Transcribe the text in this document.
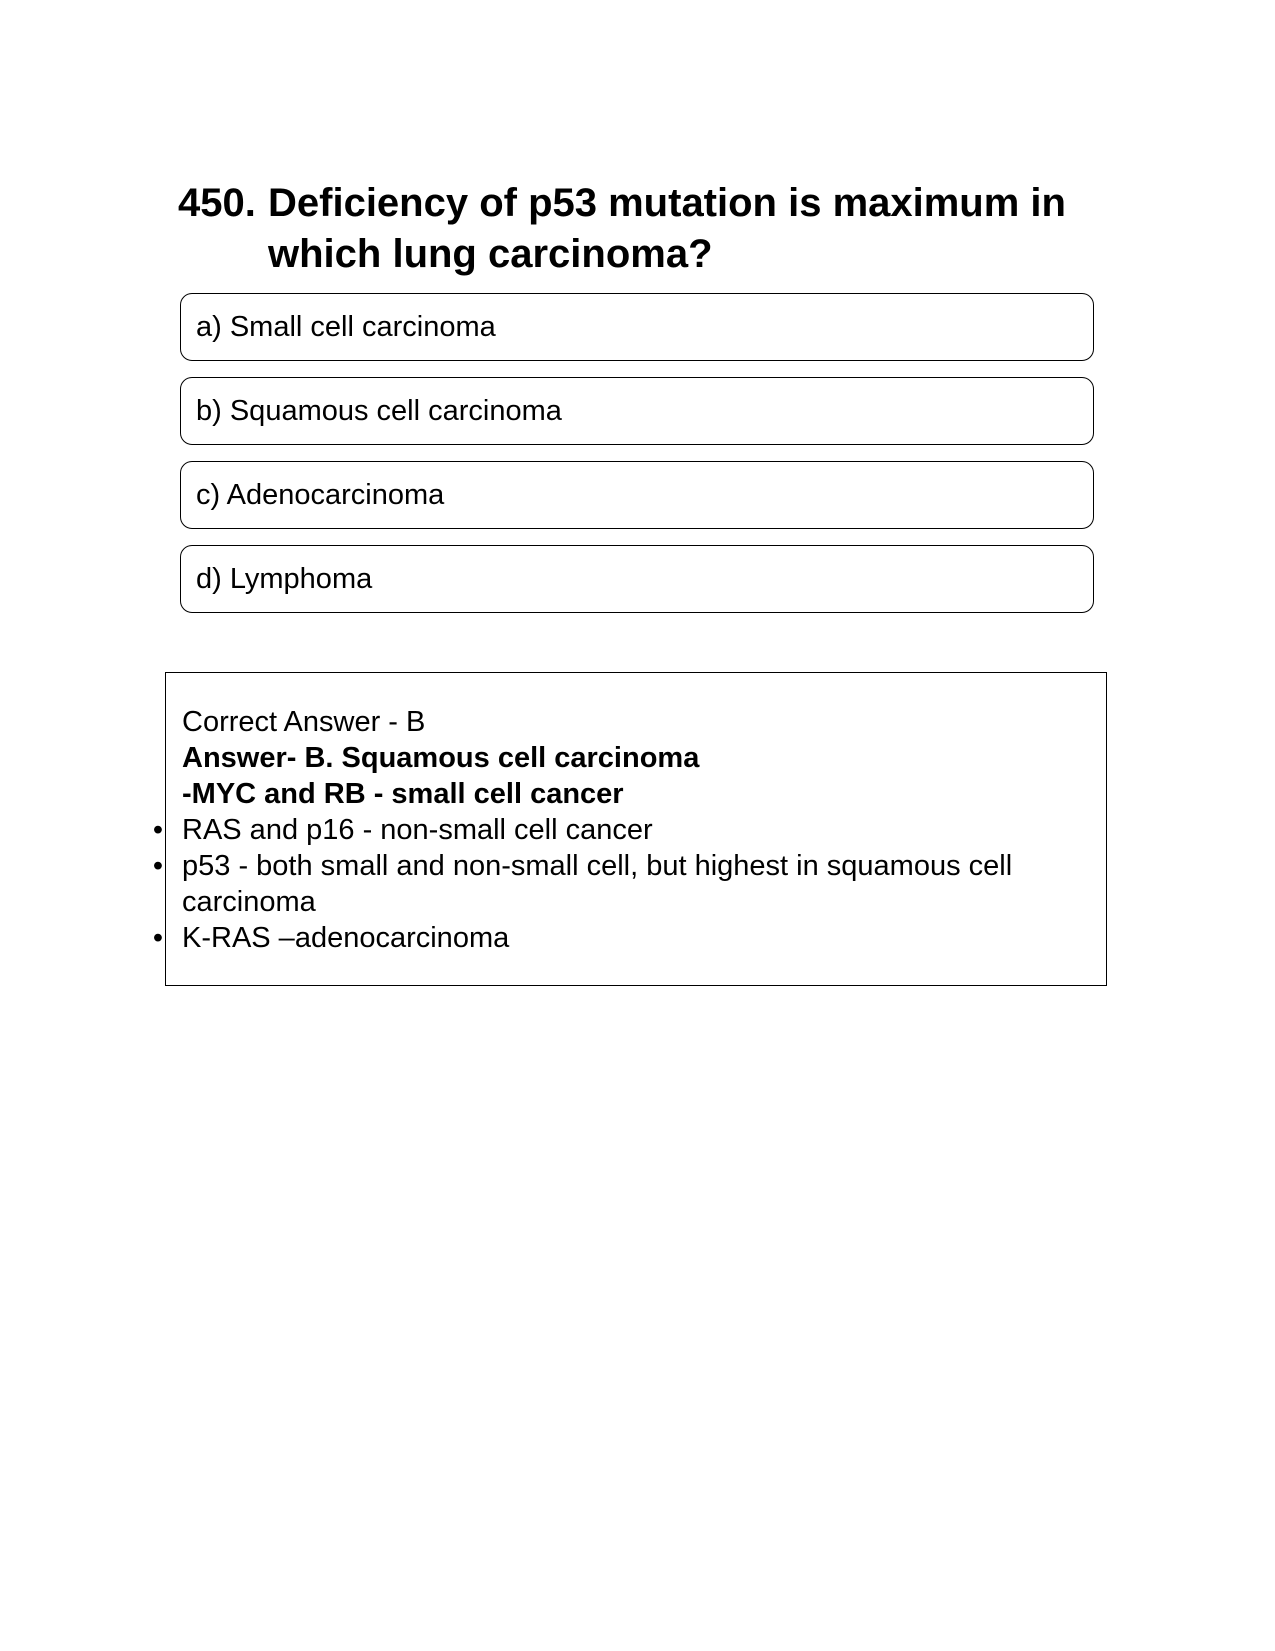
450. Deficiency of p53 mutation is maximum in which lung carcinoma?
a) Small cell carcinoma
b) Squamous cell carcinoma
c) Adenocarcinoma
d) Lymphoma
Correct Answer - B
Answer- B. Squamous cell carcinoma
-MYC and RB - small cell cancer
• RAS and p16 - non-small cell cancer
• p53 - both small and non-small cell, but highest in squamous cell carcinoma
• K-RAS –adenocarcinoma
